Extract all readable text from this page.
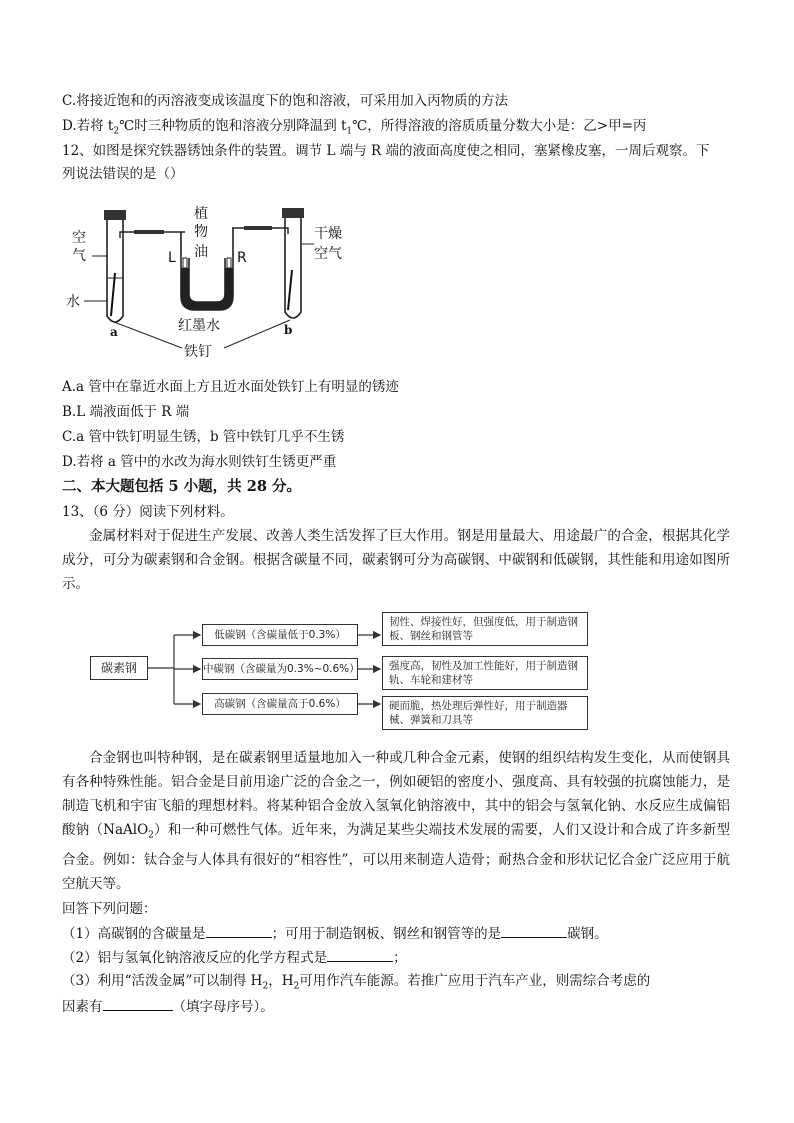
C.将接近饱和的丙溶液变成该温度下的饱和溶液，可采用加入丙物质的方法
D.若将 $t_2℃$时三种物质的饱和溶液分别降温到 $t_1℃$，所得溶液的溶质质量分数大小是：乙>甲=丙
12、如图是探究铁器锈蚀条件的装置。调节 L 端与 R 端的液面高度使之相同，塞紧橡皮塞，一周后观察。下
列说法错误的是（）
空
气
植
物
油
L	R
干燥
空气
水
红墨水
a	b
铁钉
A.a 管中在靠近水面上方且近水面处铁钉上有明显的锈迹
B.L 端液面低于 R 端
C.a 管中铁钉明显生锈，b 管中铁钉几乎不生锈
D.若将 a 管中的水改为海水则铁钉生锈更严重
二、本大题包括 5 小题，共 28 分。
13、（6 分）阅读下列材料。
金属材料对于促进生产发展、改善人类生活发挥了巨大作用。钢是用量最大、用途最广的合金，根据其化学成分，可分为碳素钢和合金钢。根据含碳量不同，碳素钢可分为高碳钢、中碳钢和低碳钢，其性能和用途如图所示。
碳素钢
低碳钢（含碳量低于0.3%）
中碳钢（含碳量为0.3%~0.6%）
高碳钢（含碳量高于0.6%）
韧性、焊接性好，但强度低，用于制造钢板、钢丝和钢管等
强度高，韧性及加工性能好，用于制造钢轨、车轮和建材等
硬而脆，热处理后弹性好，用于制造器械、弹簧和刀具等
合金钢也叫特种钢，是在碳素钢里适量地加入一种或几种合金元素，使钢的组织结构发生变化，从而使钢具有各种特殊性能。铝合金是目前用途广泛的合金之一，例如硬铝的密度小、强度高、具有较强的抗腐蚀能力，是制造飞机和宇宙飞船的理想材料。将某种铝合金放入氢氧化钠溶液中，其中的铝会与氢氧化钠、水反应生成偏铝酸钠（NaAlO$_2$）和一种可燃性气体。近年来，为满足某些尖端技术发展的需要，人们又设计和合成了许多新型合金。例如：钛合金与人体具有很好的“相容性”，可以用来制造人造骨；耐热合金和形状记忆合金广泛应用于航空航天等。
回答下列问题：
（1）高碳钢的含碳量是	；可用于制造钢板、钢丝和钢管等的是	碳钢。
（2）铝与氢氧化钠溶液反应的化学方程式是	；
（3）利用“活泼金属”可以制得 $H_2$，$H_2$可用作汽车能源。若推广应用于汽车产业，则需综合考虑的
因素有	（填字母序号）。
